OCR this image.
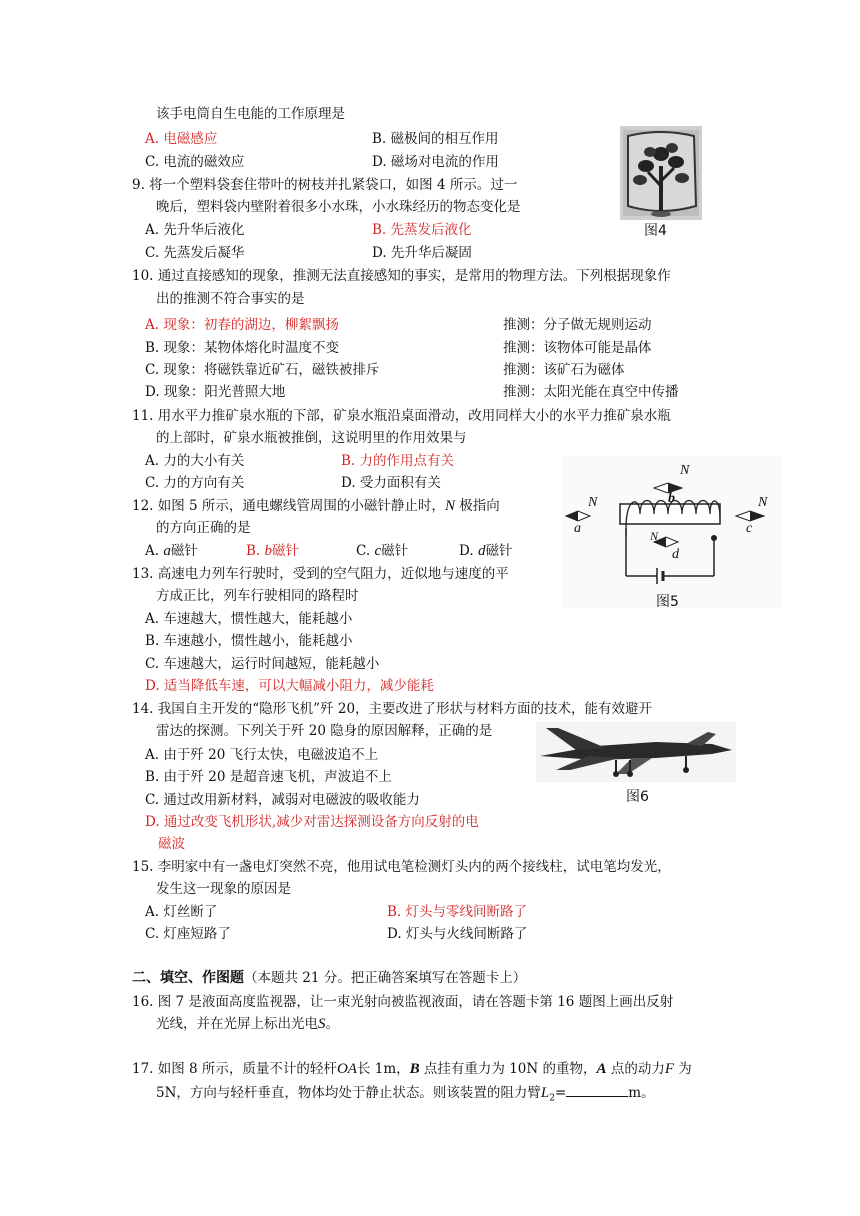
该手电筒自生电能的工作原理是
A. 电磁感应	B. 磁极间的相互作用
C. 电流的磁效应	D. 磁场对电流的作用
图4
9. 将一个塑料袋套住带叶的树枝并扎紧袋口，如图 4 所示。过一
晚后，塑料袋内壁附着很多小水珠，小水珠经历的物态变化是
A. 先升华后液化	B. 先蒸发后液化
C. 先蒸发后凝华	D. 先升华后凝固
10. 通过直接感知的现象，推测无法直接感知的事实，是常用的物理方法。下列根据现象作
出的推测不符合事实的是
A. 现象：初春的湖边，柳絮飘扬	推测：分子做无规则运动
B. 现象：某物体熔化时温度不变	推测：该物体可能是晶体
C. 现象：将磁铁靠近矿石，磁铁被排斥	推测：该矿石为磁体
D. 现象：阳光普照大地	推测：太阳光能在真空中传播
11. 用水平力推矿泉水瓶的下部，矿泉水瓶沿桌面滑动，改用同样大小的水平力推矿泉水瓶
的上部时，矿泉水瓶被推倒，这说明里的作用效果与
A. 力的大小有关	B. 力的作用点有关
C. 力的方向有关	D. 受力面积有关
12. 如图 5 所示，通电螺线管周围的小磁针静止时，N 极指向
的方向正确的是
A. a磁针	B. b磁针	C. c磁针	D. d磁针
N
N	N
N
a
b
c
d
图5
13. 高速电力列车行驶时，受到的空气阻力，近似地与速度的平
方成正比，列车行驶相同的路程时
A. 车速越大，惯性越大，能耗越小
B. 车速越小，惯性越小，能耗越小
C. 车速越大，运行时间越短，能耗越小
D. 适当降低车速，可以大幅减小阻力，减少能耗
14. 我国自主开发的“隐形飞机”歼 20，主要改进了形状与材料方面的技术，能有效避开
雷达的探测。下列关于歼 20 隐身的原因解释，正确的是
A. 由于歼 20 飞行太快，电磁波追不上
B. 由于歼 20 是超音速飞机，声波追不上
C. 通过改用新材料，减弱对电磁波的吸收能力
D. 通过改变飞机形状,减少对雷达探测设备方向反射的电
磁波
图6
15. 李明家中有一盏电灯突然不亮，他用试电笔检测灯头内的两个接线柱，试电笔均发光，
发生这一现象的原因是
A. 灯丝断了	B. 灯头与零线间断路了
C. 灯座短路了	D. 灯头与火线间断路了
二、填空、作图题（本题共 21 分。把正确答案填写在答题卡上）
16. 图 7 是液面高度监视器，让一束光射向被监视液面，请在答题卡第 16 题图上画出反射
光线，并在光屏上标出光电S。
17. 如图 8 所示，质量不计的轻杆OA长 1m，B 点挂有重力为 10N 的重物，A 点的动力F 为
5N，方向与轻杆垂直，物体均处于静止状态。则该装置的阻力臂$L_2=$	m。
